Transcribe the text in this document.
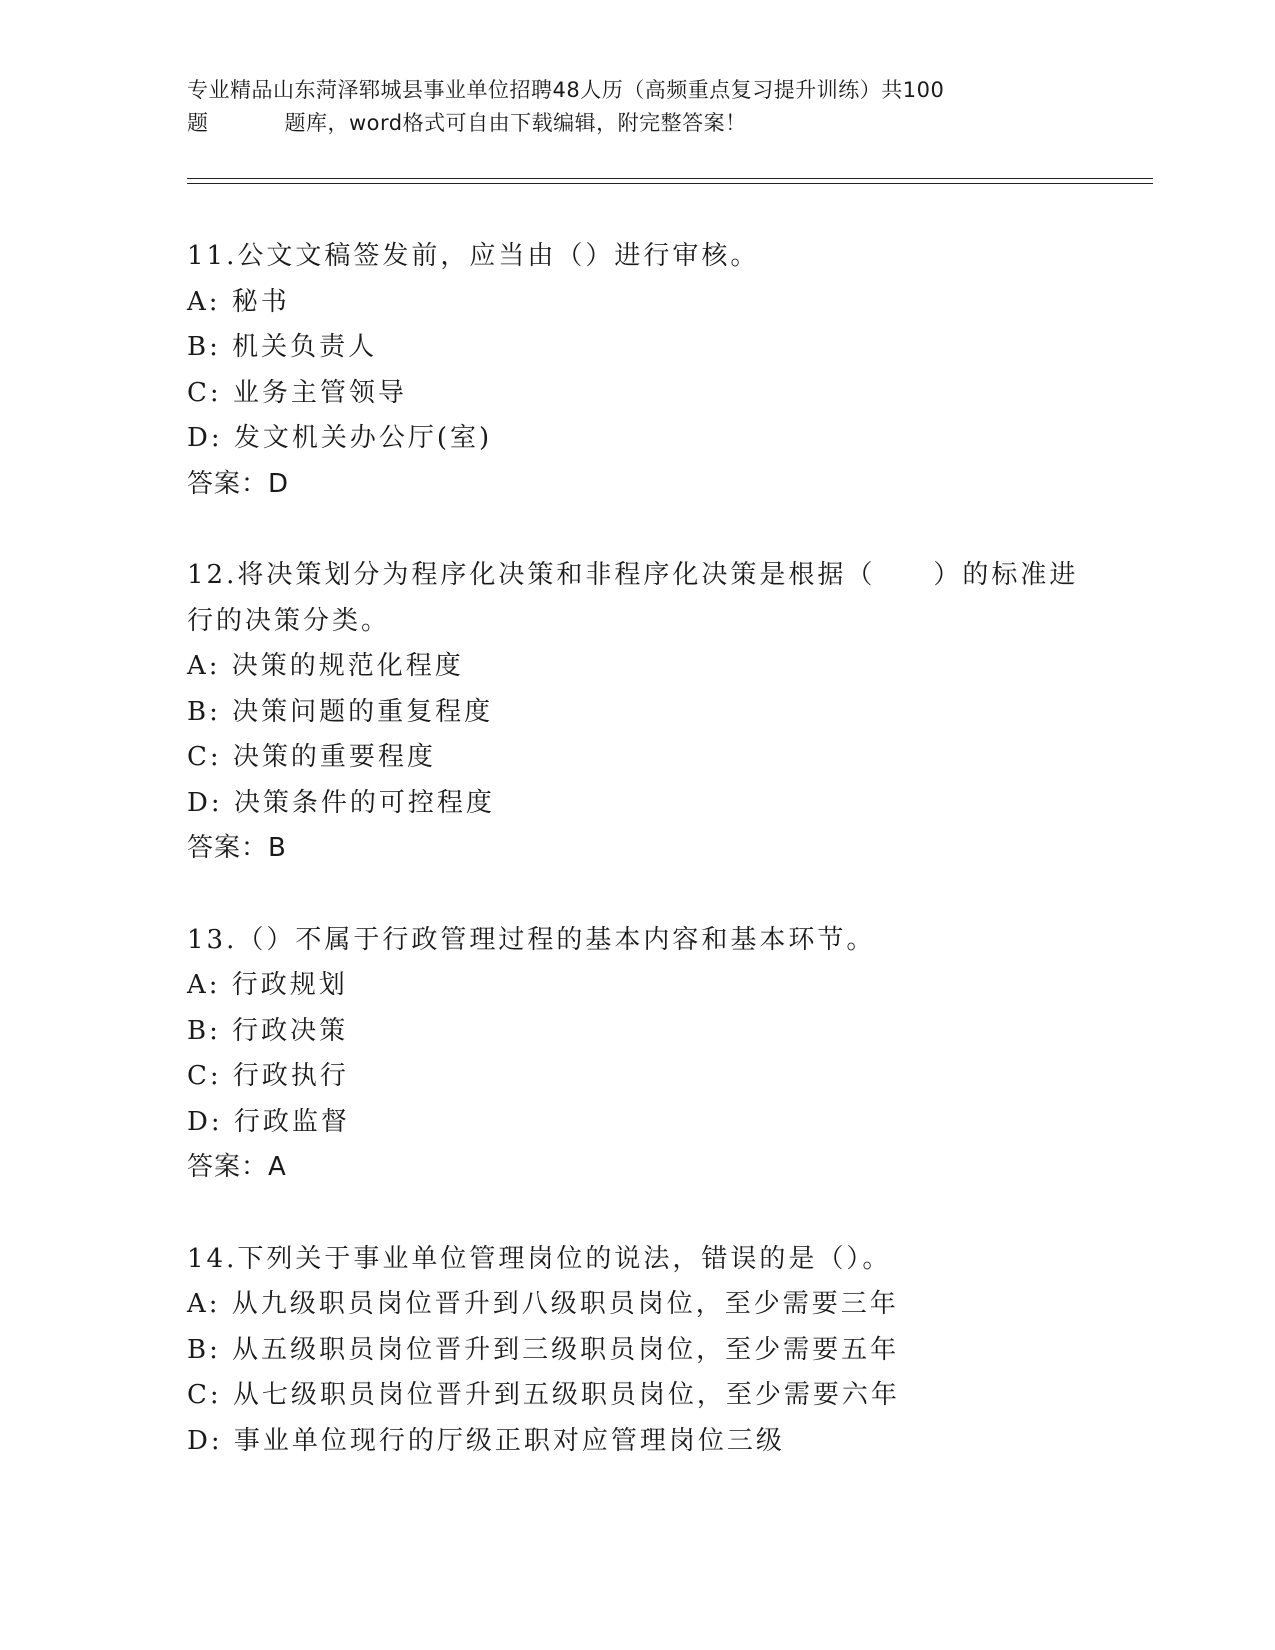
专业精品山东菏泽郓城县事业单位招聘48人历（高频重点复习提升训练）共100
题	题库，word格式可自由下载编辑，附完整答案！
11.公文文稿签发前，应当由（）进行审核。
A: 秘书
B: 机关负责人
C: 业务主管领导
D: 发文机关办公厅(室)
答案：D
12.将决策划分为程序化决策和非程序化决策是根据（　　）的标准进
行的决策分类。
A: 决策的规范化程度
B: 决策问题的重复程度
C: 决策的重要程度
D: 决策条件的可控程度
答案：B
13.（）不属于行政管理过程的基本内容和基本环节。
A: 行政规划
B: 行政决策
C: 行政执行
D: 行政监督
答案：A
14.下列关于事业单位管理岗位的说法，错误的是（）。
A: 从九级职员岗位晋升到八级职员岗位，至少需要三年
B: 从五级职员岗位晋升到三级职员岗位，至少需要五年
C: 从七级职员岗位晋升到五级职员岗位，至少需要六年
D: 事业单位现行的厅级正职对应管理岗位三级
